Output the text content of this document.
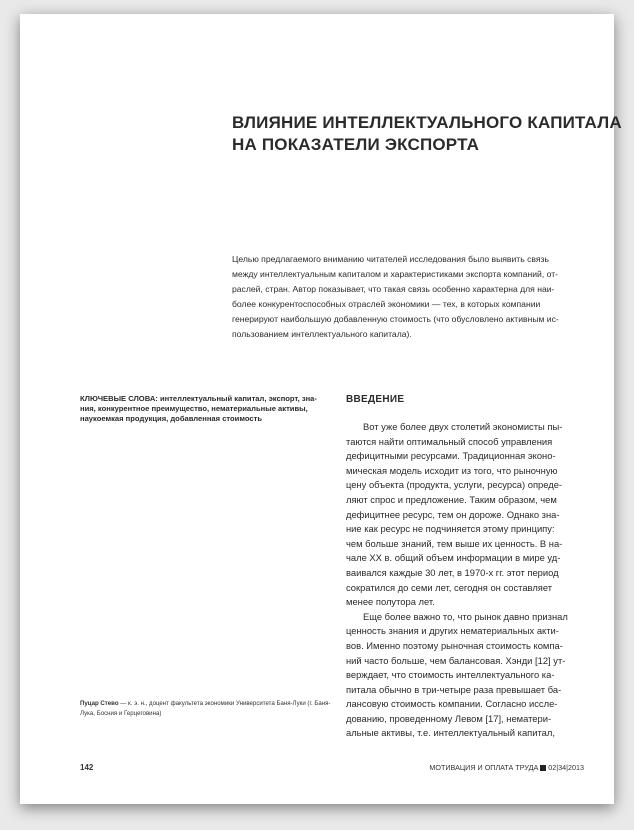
ВЛИЯНИЕ ИНТЕЛЛЕКТУАЛЬНОГО КАПИТАЛА
НА ПОКАЗАТЕЛИ ЭКСПОРТА
Целью предлагаемого вниманию читателей исследования было выявить связь
между интеллектуальным капиталом и характеристиками экспорта компаний, от-
раслей, стран. Автор показывает, что такая связь особенно характерна для наи-
более конкурентоспособных отраслей экономики — тех, в которых компании
генерируют наибольшую добавленную стоимость (что обусловлено активным ис-
пользованием интеллектуального капитала).
КЛЮЧЕВЫЕ СЛОВА: интеллектуальный капитал, экспорт, зна-
ния, конкурентное преимущество, нематериальные активы,
наукоемкая продукция, добавленная стоимость
Пуцар Стево — к. э. н., доцент факультета экономики Университета Баня-Луки (г. Баня-
Лука, Босния и Герцеговина)
ВВЕДЕНИЕ
Вот уже более двух столетий экономисты пы-
таются найти оптимальный способ управления
дефицитными ресурсами. Традиционная эконо-
мическая модель исходит из того, что рыночную
цену объекта (продукта, услуги, ресурса) опреде-
ляют спрос и предложение. Таким образом, чем
дефицитнее ресурс, тем он дороже. Однако зна-
ние как ресурс не подчиняется этому принципу:
чем больше знаний, тем выше их ценность. В на-
чале XX в. общий объем информации в мире уд-
ваивался каждые 30 лет, в 1970-х гг. этот период
сократился до семи лет, сегодня он составляет
менее полутора лет.
Еще более важно то, что рынок давно признал
ценность знания и других нематериальных акти-
вов. Именно поэтому рыночная стоимость компа-
ний часто больше, чем балансовая. Хэнди [12] ут-
верждает, что стоимость интеллектуального ка-
питала обычно в три-четыре раза превышает ба-
лансовую стоимость компании. Согласно иссле-
дованию, проведенному Левом [17], нематери-
альные активы, т.е. интеллектуальный капитал,
142	МОТИВАЦИЯ И ОПЛАТА ТРУДА 02|34|2013
